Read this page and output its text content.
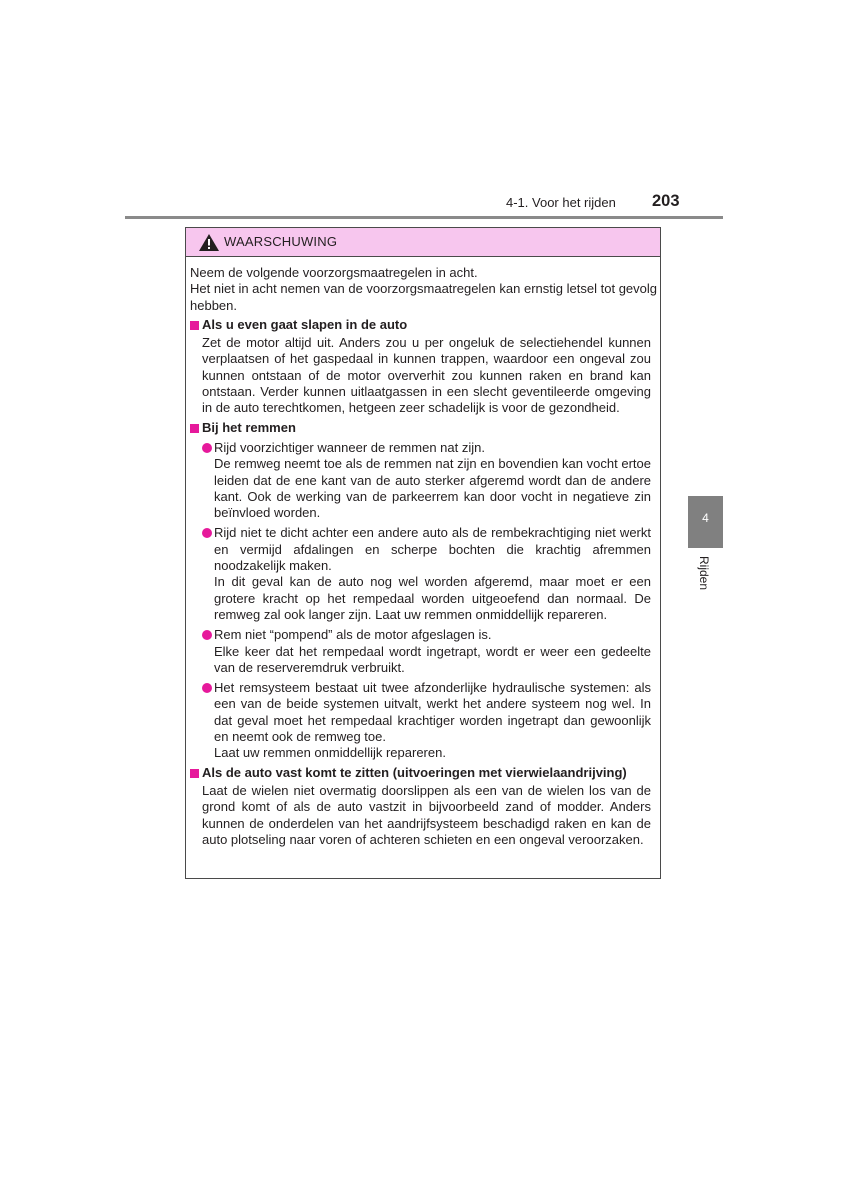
4-1. Voor het rijden 203
4
Rijden
WAARSCHUWING

Neem de volgende voorzorgsmaatregelen in acht.

Het niet in acht nemen van de voorzorgsmaatregelen kan ernstig letsel tot gevolg hebben.

Als u even gaat slapen in de auto

Zet de motor altijd uit. Anders zou u per ongeluk de selectiehendel kunnen verplaatsen of het gaspedaal in kunnen trappen, waardoor een ongeval zou kunnen ontstaan of de motor oververhit zou kunnen raken en brand kan ontstaan. Verder kunnen uitlaatgassen in een slecht geventileerde omgeving in de auto terechtkomen, hetgeen zeer schadelijk is voor de gezondheid.

Bij het remmen

Rijd voorzichtiger wanneer de remmen nat zijn.

De remweg neemt toe als de remmen nat zijn en bovendien kan vocht ertoe leiden dat de ene kant van de auto sterker afgeremd wordt dan de andere kant. Ook de werking van de parkeerrem kan door vocht in negatieve zin beïnvloed worden.

Rijd niet te dicht achter een andere auto als de rembekrachtiging niet werkt en vermijd afdalingen en scherpe bochten die krachtig afremmen noodzakelijk maken.

In dit geval kan de auto nog wel worden afgeremd, maar moet er een grotere kracht op het rempedaal worden uitgeoefend dan normaal. De remweg zal ook langer zijn. Laat uw remmen onmiddellijk repareren.

Rem niet “pompend” als de motor afgeslagen is.

Elke keer dat het rempedaal wordt ingetrapt, wordt er weer een gedeelte van de reserveremdruk verbruikt.

Het remsysteem bestaat uit twee afzonderlijke hydraulische systemen: als een van de beide systemen uitvalt, werkt het andere systeem nog wel. In dat geval moet het rempedaal krachtiger worden ingetrapt dan gewoonlijk en neemt ook de remweg toe.

Laat uw remmen onmiddellijk repareren.

Als de auto vast komt te zitten (uitvoeringen met vierwielaandrijving)

Laat de wielen niet overmatig doorslippen als een van de wielen los van de grond komt of als de auto vastzit in bijvoorbeeld zand of modder. Anders kunnen de onderdelen van het aandrijfsysteem beschadigd raken en kan de auto plotseling naar voren of achteren schieten en een ongeval veroorzaken.
